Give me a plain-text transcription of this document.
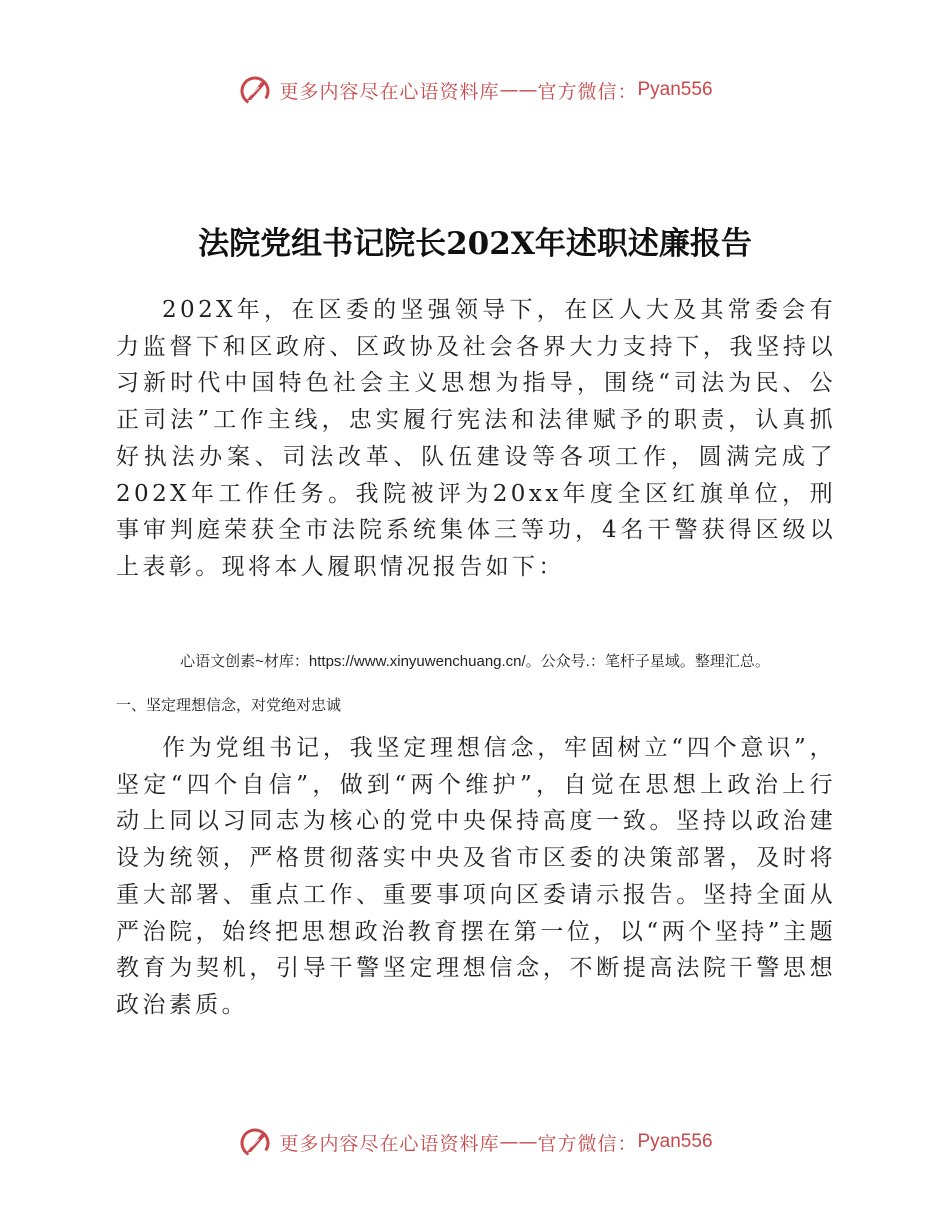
更多内容尽在心语资料库 —— 官方微信： Pyan556
法院党组书记院长202X年述职述廉报告
202X年，在区委的坚强领导下，在区人大及其常委会有力监督下和区政府、区政协及社会各界大力支持下，我坚持以习新时代中国特色社会主义思想为指导，围绕“司法为民、公正司法”工作主线，忠实履行宪法和法律赋予的职责，认真抓好执法办案、司法改革、队伍建设等各项工作，圆满完成了202X年工作任务。我院被评为20xx年度全区红旗单位，刑事审判庭荣获全市法院系统集体三等功，4名干警获得区级以上表彰。现将本人履职情况报告如下：
心语文创素~材库：https://www.xinyuwenchuang.cn/。公众号.：笔杆子星域。整理汇总。
一、坚定理想信念，对党绝对忠诚
作为党组书记，我坚定理想信念，牢固树立“四个意识”，坚定“四个自信”，做到“两个维护”，自觉在思想上政治上行动上同以习同志为核心的党中央保持高度一致。坚持以政治建设为统领，严格贯彻落实中央及省市区委的决策部署，及时将重大部署、重点工作、重要事项向区委请示报告。坚持全面从严治院，始终把思想政治教育摆在第一位，以“两个坚持”主题教育为契机，引导干警坚定理想信念，不断提高法院干警思想政治素质。
更多内容尽在心语资料库 —— 官方微信： Pyan556
